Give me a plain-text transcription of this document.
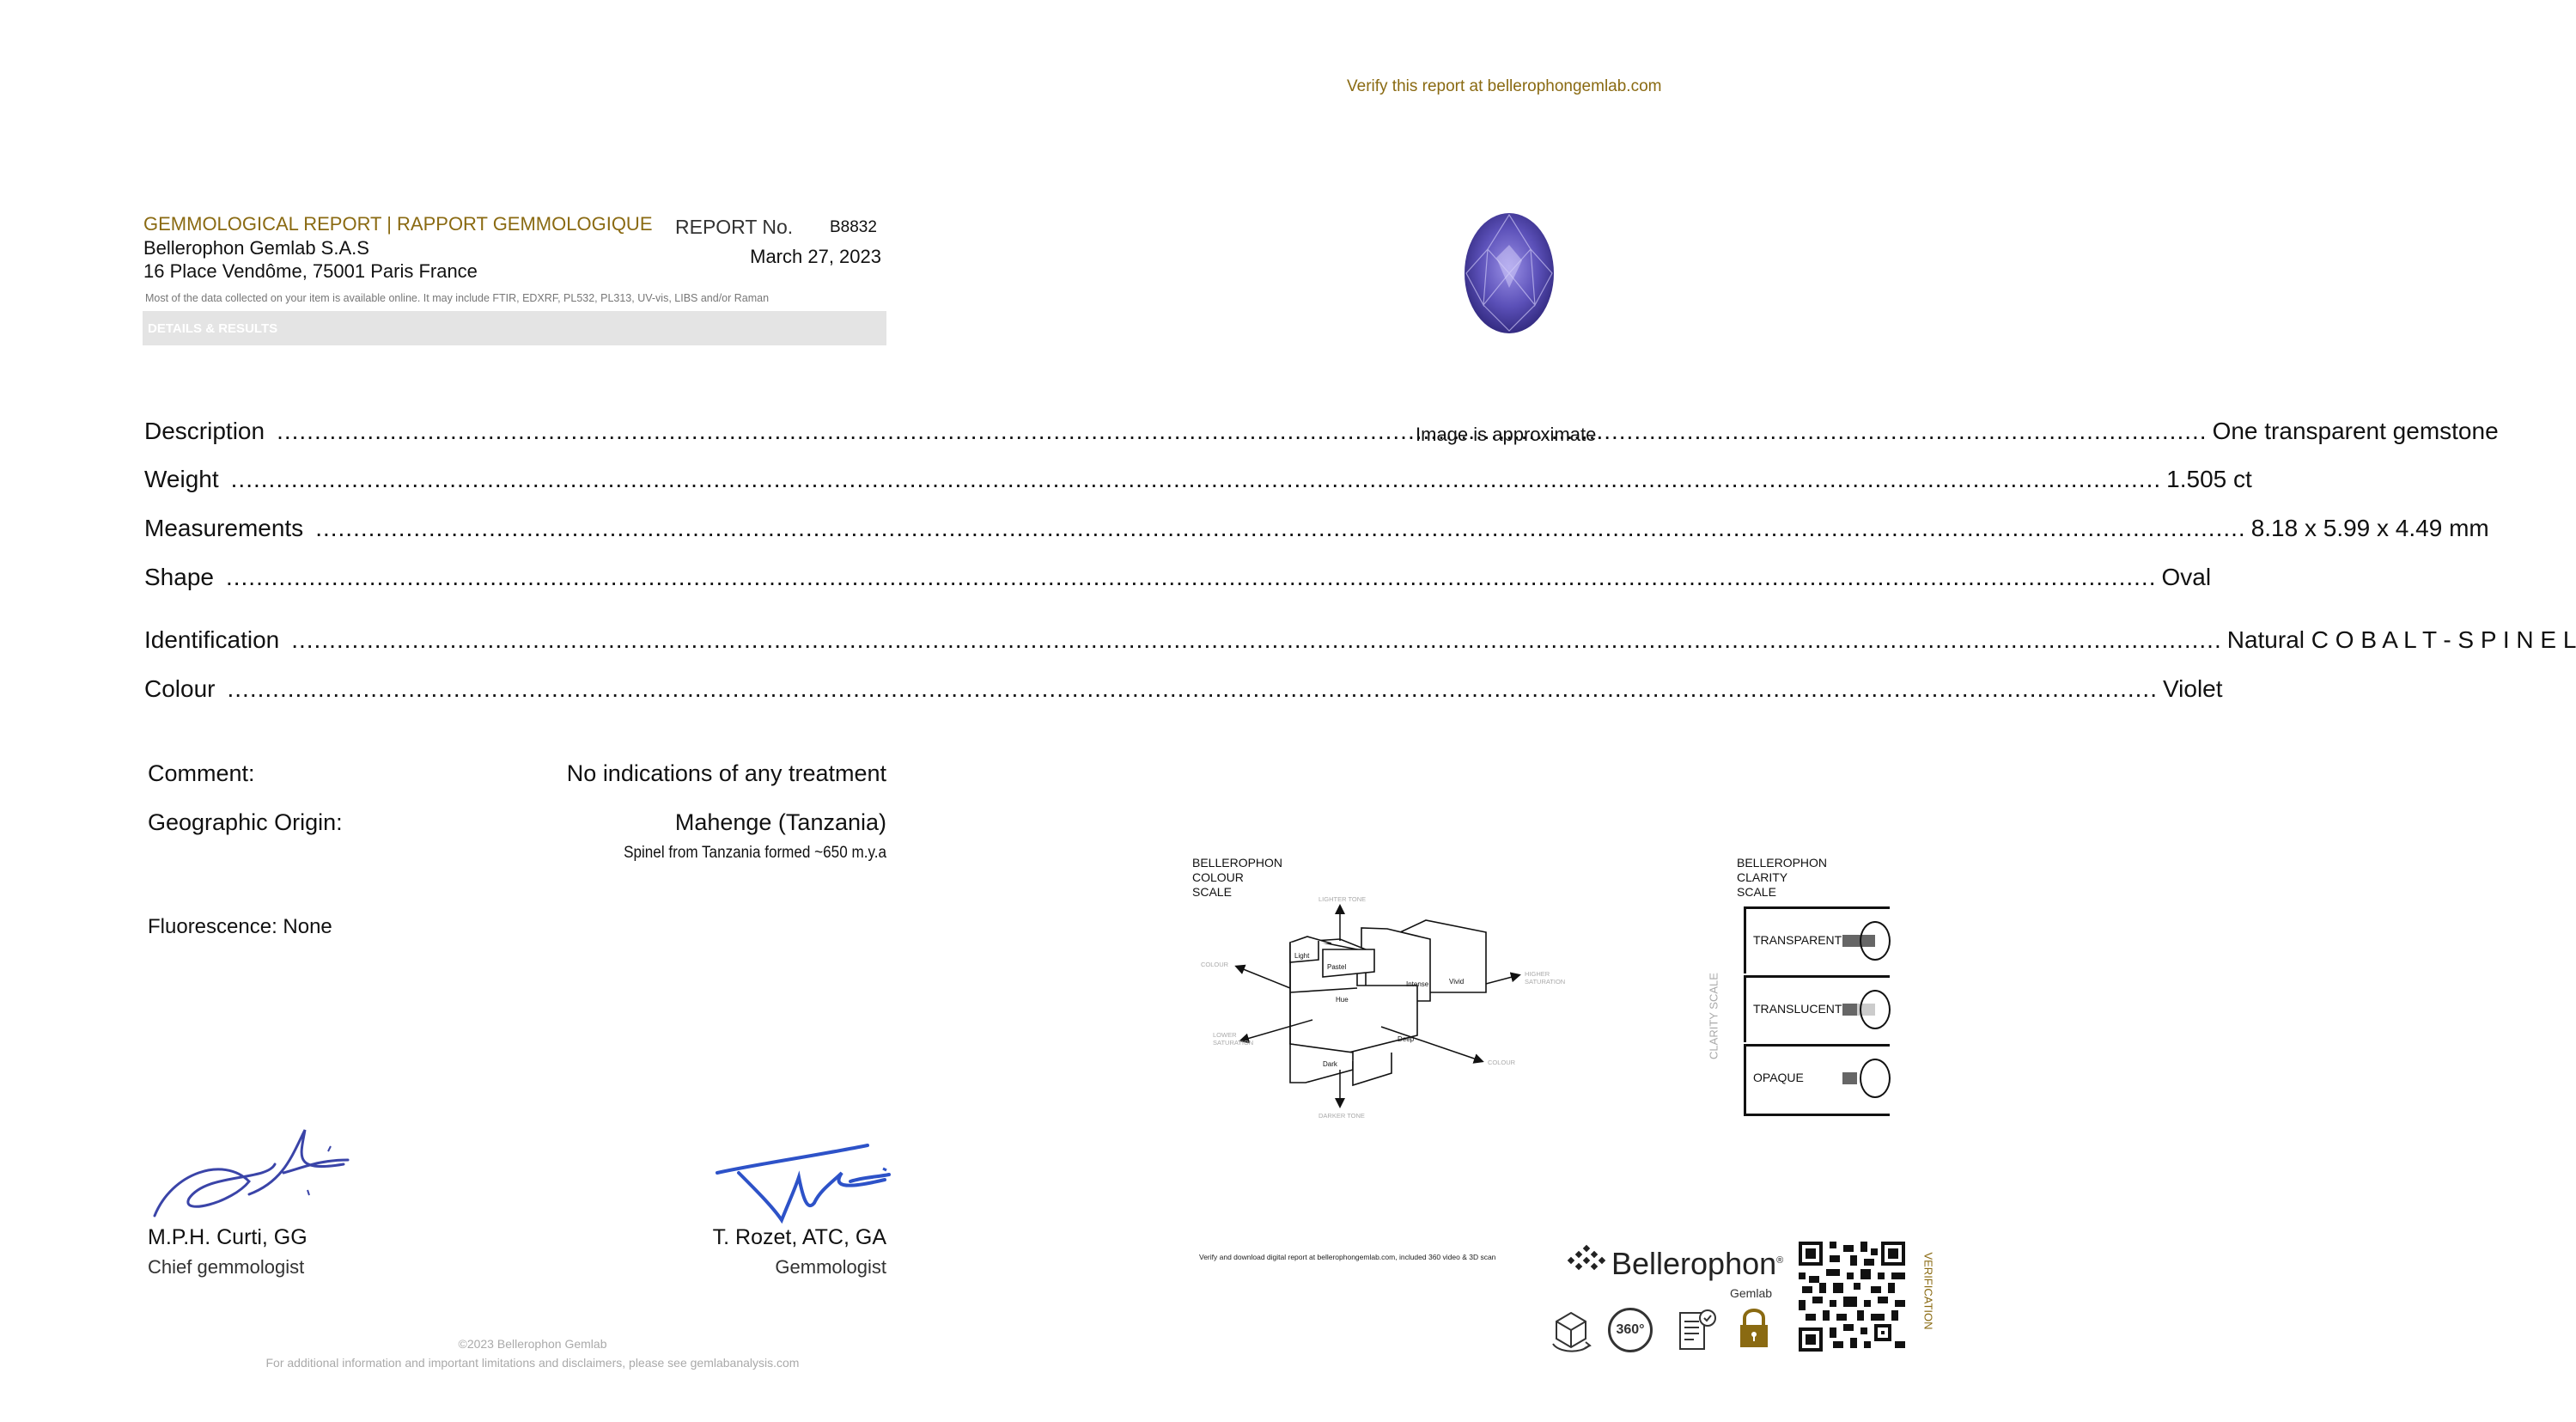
Verify this report at bellerophongemlab.com
GEMMOLOGICAL REPORT | RAPPORT GEMMOLOGIQUE
Bellerophon Gemlab S.A.S
16 Place Vendôme, 75001 Paris France
REPORT No. B8832
March 27, 2023
Most of the data collected on your item is available online. It may include FTIR, EDXRF, PL532, PL313, UV-vis, LIBS and/or Raman
DETAILS & RESULTS
Description .....	One transparent gemstone
Weight .....	1.505 ct
Measurements .....	8.18 x 5.99 x 4.49 mm
Shape .....	Oval
Identification .....	Natural C O B A L T - S P I N E L
Colour .....	Violet
Comment:	No indications of any treatment
Geographic Origin:	Mahenge (Tanzania)
Spinel from Tanzania formed ~650 m.y.a
Fluorescence: None
M.P.H. Curti, GG
Chief gemmologist
T. Rozet, ATC, GA
Gemmologist
©2023 Bellerophon Gemlab
For additional information and important limitations and disclaimers, please see gemlabanalysis.com
Image is approximate
BELLEROPHON
COLOUR
SCALE
Light
Pastel
Hue
Intense	Vivid
Deep
Dark
LIGHTER TONE
DARKER TONE
COLOUR
LOWER
SATURATION
HIGHER
SATURATION
COLOUR
BELLEROPHON
CLARITY
SCALE
CLARITY SCALE
TRANSPARENT
TRANSLUCENT
OPAQUE
Verify and download digital report at bellerophongemlab.com, included 360 video & 3D scan	Bellerophon®
Gemlab
360°	VERIFICATION
